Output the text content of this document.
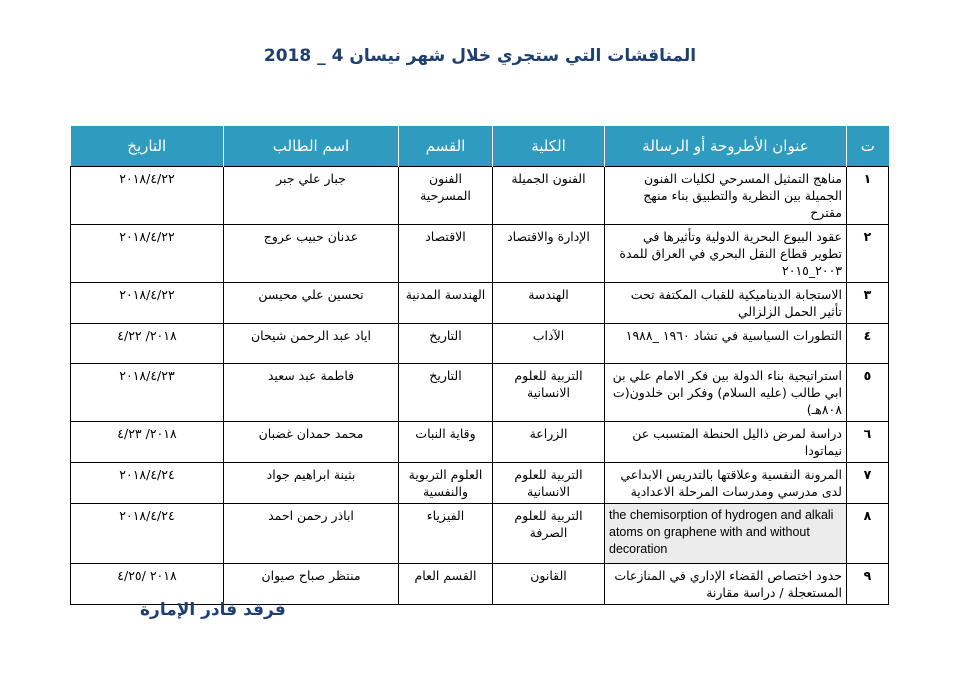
المناقشات التي ستجري خلال شهر نيسان 4 _ 2018
ت	عنوان الأطروحة أو الرسالة	الكلية	القسم	اسم الطالب	التاريخ
١	مناهج التمثيل المسرحي لكليات الفنون الجميلة بين النظرية والتطبيق بناء منهج مقترح	الفنون الجميلة	الفنون المسرحية	جبار علي جبر	٢٠١٨/٤/٢٢
٢	عقود البيوع البحرية الدولية وتأثيرها في تطوير قطاع النقل البحري في العراق للمدة ٢٠٠٣_٢٠١٥	الإدارة والاقتصاد	الاقتصاد	عدنان حبيب عروج	٢٠١٨/٤/٢٢
٣	الاستجابة الديناميكية للقباب المكتفة تحت تأثير الحمل الزلزالي	الهندسة	الهندسة المدنية	تحسين علي محيسن	٢٠١٨/٤/٢٢
٤	التطورات السياسية في تشاد ١٩٦٠ _١٩٨٨	الآداب	التاريخ	اياد عبد الرحمن شيحان	٢٠١٨/ ٤/٢٢
٥	استراتيجية بناء الدولة بين فكر الامام علي بن ابي طالب (عليه السلام) وفكر ابن خلدون(ت ٨٠٨هـ)	التربية للعلوم الانسانية	التاريخ	فاطمة عبد سعيد	٢٠١٨/٤/٢٣
٦	دراسة لمرض ذاليل الحنطة المتسبب عن نيماتودا	الزراعة	وقاية النبات	محمد حمدان غضبان	٢٠١٨/ ٤/٢٣
٧	المرونة النفسية وعلاقتها بالتدريس الابداعي لدى مدرسي ومدرسات المرحلة الاعدادية	التربية للعلوم الانسانية	العلوم التربوية والنفسية	بثينة ابراهيم جواد	٢٠١٨/٤/٢٤
٨	the chemisorption of hydrogen and alkali atoms on graphene with and without decoration	التربية للعلوم الصرفة	الفيزياء	اباذر رحمن احمد	٢٠١٨/٤/٢٤
٩	حدود اختصاص القضاء الإداري في المنازعات المستعجلة / دراسة مقارنة	القانون	القسم العام	منتظر صباح صيوان	٢٠١٨ /٤/٢٥
فرقد قادر الإمارة
